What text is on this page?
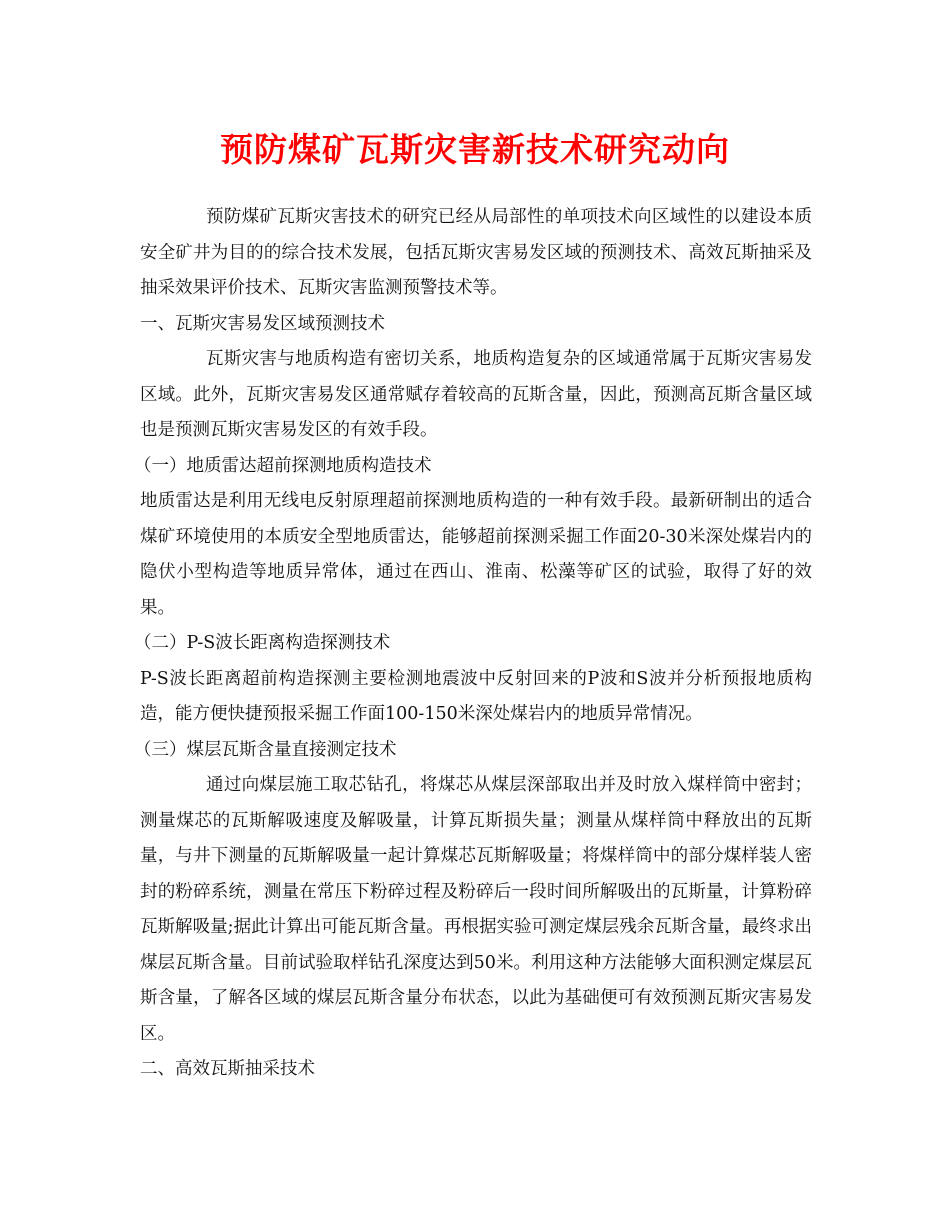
预防煤矿瓦斯灾害新技术研究动向

预防煤矿瓦斯灾害技术的研究已经从局部性的单项技术向区域性的以建设本质安全矿井为目的的综合技术发展，包括瓦斯灾害易发区域的预测技术、高效瓦斯抽采及抽采效果评价技术、瓦斯灾害监测预警技术等。

一、瓦斯灾害易发区域预测技术

瓦斯灾害与地质构造有密切关系，地质构造复杂的区域通常属于瓦斯灾害易发区域。此外，瓦斯灾害易发区通常赋存着较高的瓦斯含量，因此，预测高瓦斯含量区域也是预测瓦斯灾害易发区的有效手段。

（一）地质雷达超前探测地质构造技术

地质雷达是利用无线电反射原理超前探测地质构造的一种有效手段。最新研制出的适合煤矿环境使用的本质安全型地质雷达，能够超前探测采掘工作面20-30米深处煤岩内的隐伏小型构造等地质异常体，通过在西山、淮南、松藻等矿区的试验，取得了好的效果。

（二）P-S波长距离构造探测技术

P-S波长距离超前构造探测主要检测地震波中反射回来的P波和S波并分析预报地质构造，能方便快捷预报采掘工作面100-150米深处煤岩内的地质异常情况。

（三）煤层瓦斯含量直接测定技术

通过向煤层施工取芯钻孔，将煤芯从煤层深部取出并及时放入煤样筒中密封；测量煤芯的瓦斯解吸速度及解吸量，计算瓦斯损失量；测量从煤样筒中释放出的瓦斯量，与井下测量的瓦斯解吸量一起计算煤芯瓦斯解吸量；将煤样筒中的部分煤样装人密封的粉碎系统，测量在常压下粉碎过程及粉碎后一段时间所解吸出的瓦斯量，计算粉碎瓦斯解吸量;据此计算出可能瓦斯含量。再根据实验可测定煤层残余瓦斯含量，最终求出煤层瓦斯含量。目前试验取样钻孔深度达到50米。利用这种方法能够大面积测定煤层瓦斯含量，了解各区域的煤层瓦斯含量分布状态，以此为基础便可有效预测瓦斯灾害易发区。

二、高效瓦斯抽采技术
